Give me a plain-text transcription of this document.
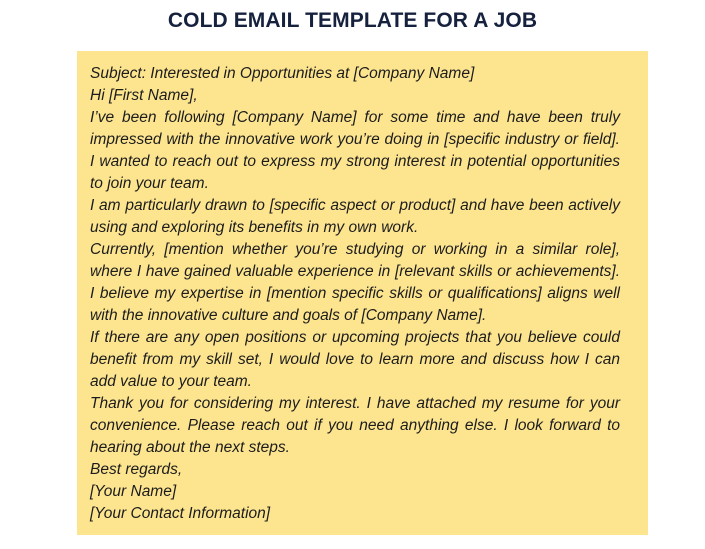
COLD EMAIL TEMPLATE FOR A JOB
Subject: Interested in Opportunities at [Company Name]
Hi [First Name],
I’ve been following [Company Name] for some time and have been truly
impressed with the innovative work you’re doing in [specific industry or field].
I wanted to reach out to express my strong interest in potential opportunities
to join your team.
I am particularly drawn to [specific aspect or product] and have been actively
using and exploring its benefits in my own work.
Currently, [mention whether you’re studying or working in a similar role],
where I have gained valuable experience in [relevant skills or achievements].
I believe my expertise in [mention specific skills or qualifications] aligns well
with the innovative culture and goals of [Company Name].
If there are any open positions or upcoming projects that you believe could
benefit from my skill set, I would love to learn more and discuss how I can
add value to your team.
Thank you for considering my interest. I have attached my resume for your
convenience. Please reach out if you need anything else. I look forward to
hearing about the next steps.
Best regards,
[Your Name]
[Your Contact Information]
